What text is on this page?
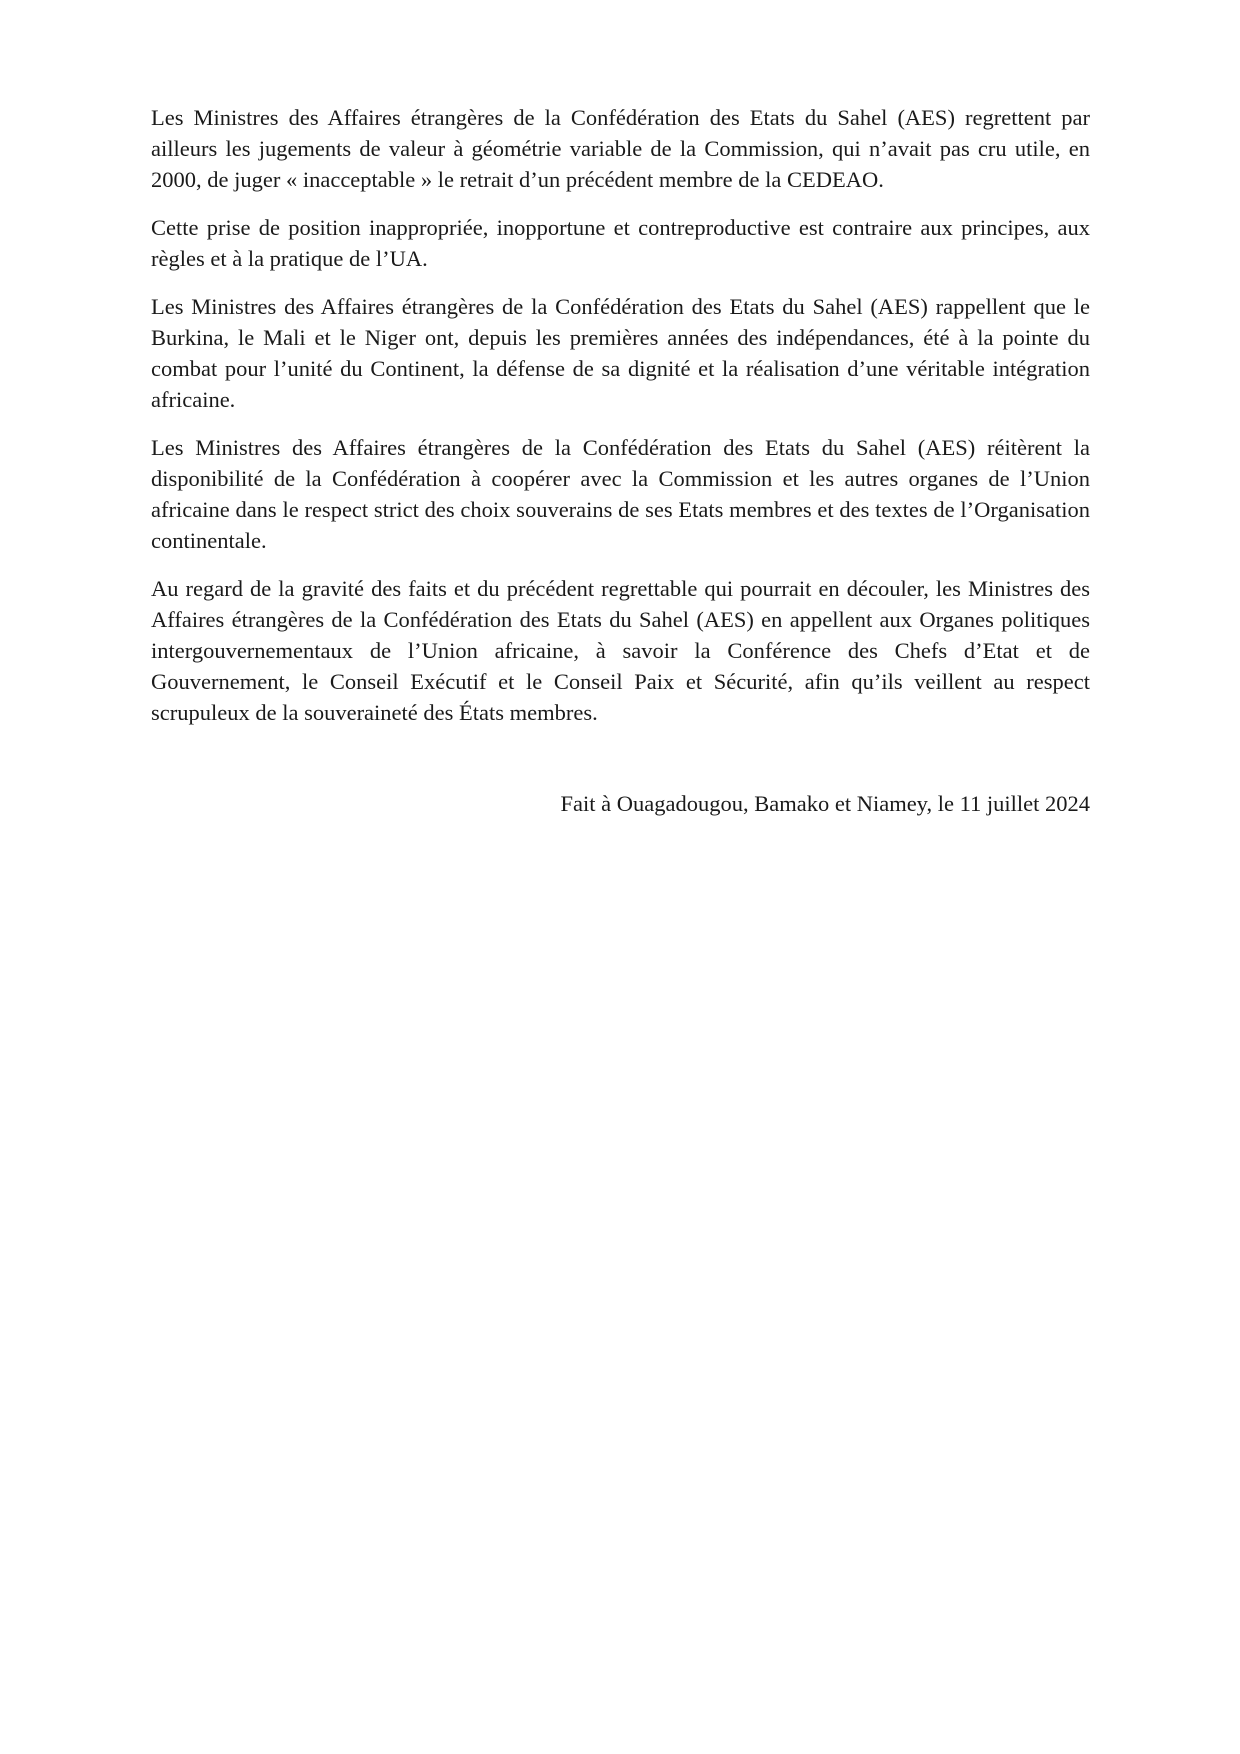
Les Ministres des Affaires étrangères de la Confédération des Etats du Sahel (AES) regrettent par ailleurs les jugements de valeur à géométrie variable de la Commission, qui n’avait pas cru utile, en 2000, de juger « inacceptable » le retrait d’un précédent membre de la CEDEAO.

Cette prise de position inappropriée, inopportune et contreproductive est contraire aux principes, aux règles et à la pratique de l’UA.

Les Ministres des Affaires étrangères de la Confédération des Etats du Sahel (AES) rappellent que le Burkina, le Mali et le Niger ont, depuis les premières années des indépendances, été à la pointe du combat pour l’unité du Continent, la défense de sa dignité et la réalisation d’une véritable intégration africaine.

Les Ministres des Affaires étrangères de la Confédération des Etats du Sahel (AES) réitèrent la disponibilité de la Confédération à coopérer avec la Commission et les autres organes de l’Union africaine dans le respect strict des choix souverains de ses Etats membres et des textes de l’Organisation continentale.

Au regard de la gravité des faits et du précédent regrettable qui pourrait en découler, les Ministres des Affaires étrangères de la Confédération des Etats du Sahel (AES) en appellent aux Organes politiques intergouvernementaux de l’Union africaine, à savoir la Conférence des Chefs d’Etat et de Gouvernement, le Conseil Exécutif et le Conseil Paix et Sécurité, afin qu’ils veillent au respect scrupuleux de la souveraineté des États membres.

Fait à Ouagadougou, Bamako et Niamey, le 11 juillet 2024
